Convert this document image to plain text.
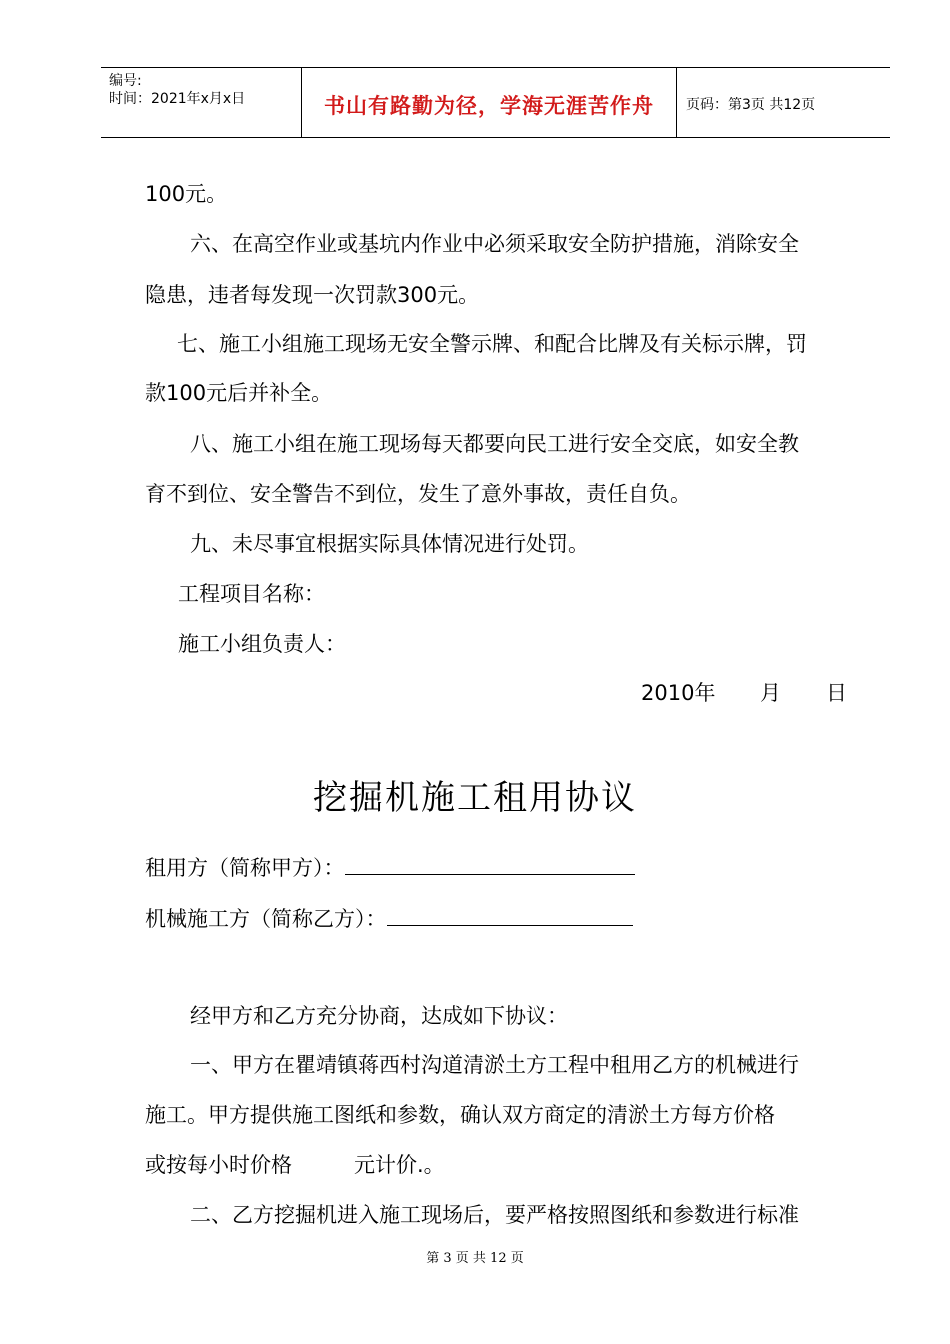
编号:
时间：2021年x月x日	书山有路勤为径，学海无涯苦作舟	页码：第3页 共12页
100元。
六、在高空作业或基坑内作业中必须采取安全防护措施，消除安全
隐患，违者每发现一次罚款300元。
七、施工小组施工现场无安全警示牌、和配合比牌及有关标示牌，罚
款100元后并补全。
八、施工小组在施工现场每天都要向民工进行安全交底，如安全教
育不到位、安全警告不到位，发生了意外事故，责任自负。
九、未尽事宜根据实际具体情况进行处罚。
工程项目名称：
施工小组负责人：
2010年 月 日
挖掘机施工租用协议
租用方（简称甲方）：
机械施工方（简称乙方）：
经甲方和乙方充分协商，达成如下协议：
一、甲方在瞿靖镇蒋西村沟道清淤土方工程中租用乙方的机械进行
施工。甲方提供施工图纸和参数，确认双方商定的清淤土方每方价格
或按每小时价格	元计价.。
二、乙方挖掘机进入施工现场后，要严格按照图纸和参数进行标准
第 3 页 共 12 页
